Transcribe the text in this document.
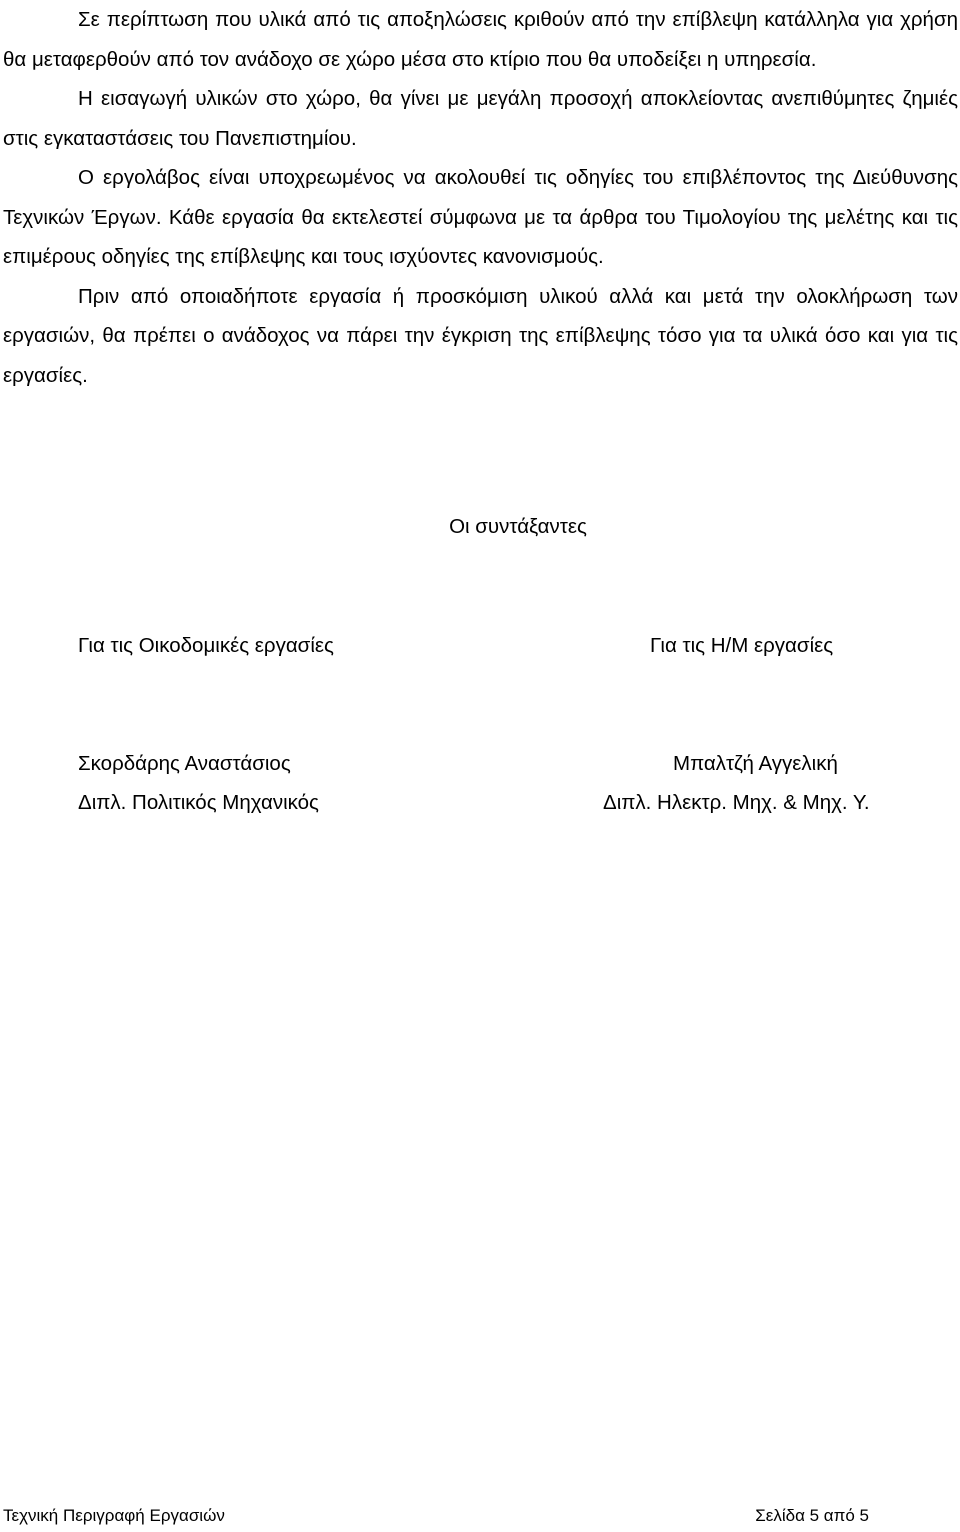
Σε περίπτωση που υλικά από τις αποξηλώσεις κριθούν από την επίβλεψη κατάλληλα για χρήση θα μεταφερθούν από τον ανάδοχο σε χώρο μέσα στο κτίριο που θα υποδείξει η υπηρεσία.

Η εισαγωγή υλικών στο χώρο, θα γίνει με μεγάλη προσοχή αποκλείοντας ανεπιθύμητες ζημιές στις εγκαταστάσεις του Πανεπιστημίου.

Ο εργολάβος είναι υποχρεωμένος να ακολουθεί τις οδηγίες του επιβλέποντος της Διεύθυνσης Τεχνικών Έργων. Κάθε εργασία θα εκτελεστεί σύμφωνα με τα άρθρα του Τιμολογίου της μελέτης και τις επιμέρους οδηγίες της επίβλεψης και τους ισχύοντες κανονισμούς.

Πριν από οποιαδήποτε εργασία ή προσκόμιση υλικού αλλά και μετά την ολοκλήρωση των εργασιών, θα πρέπει ο ανάδοχος να πάρει την έγκριση της επίβλεψης τόσο για τα υλικά όσο και για τις εργασίες.

Οι συντάξαντες
Για τις Οικοδομικές εργασίες	Για τις Η/Μ εργασίες
Σκορδάρης Αναστάσιος
Διπλ. Πολιτικός Μηχανικός
Μπαλτζή Αγγελική
Διπλ. Ηλεκτρ. Μηχ. & Μηχ. Υ.
Τεχνική Περιγραφή Εργασιών	Σελίδα 5 από 5
